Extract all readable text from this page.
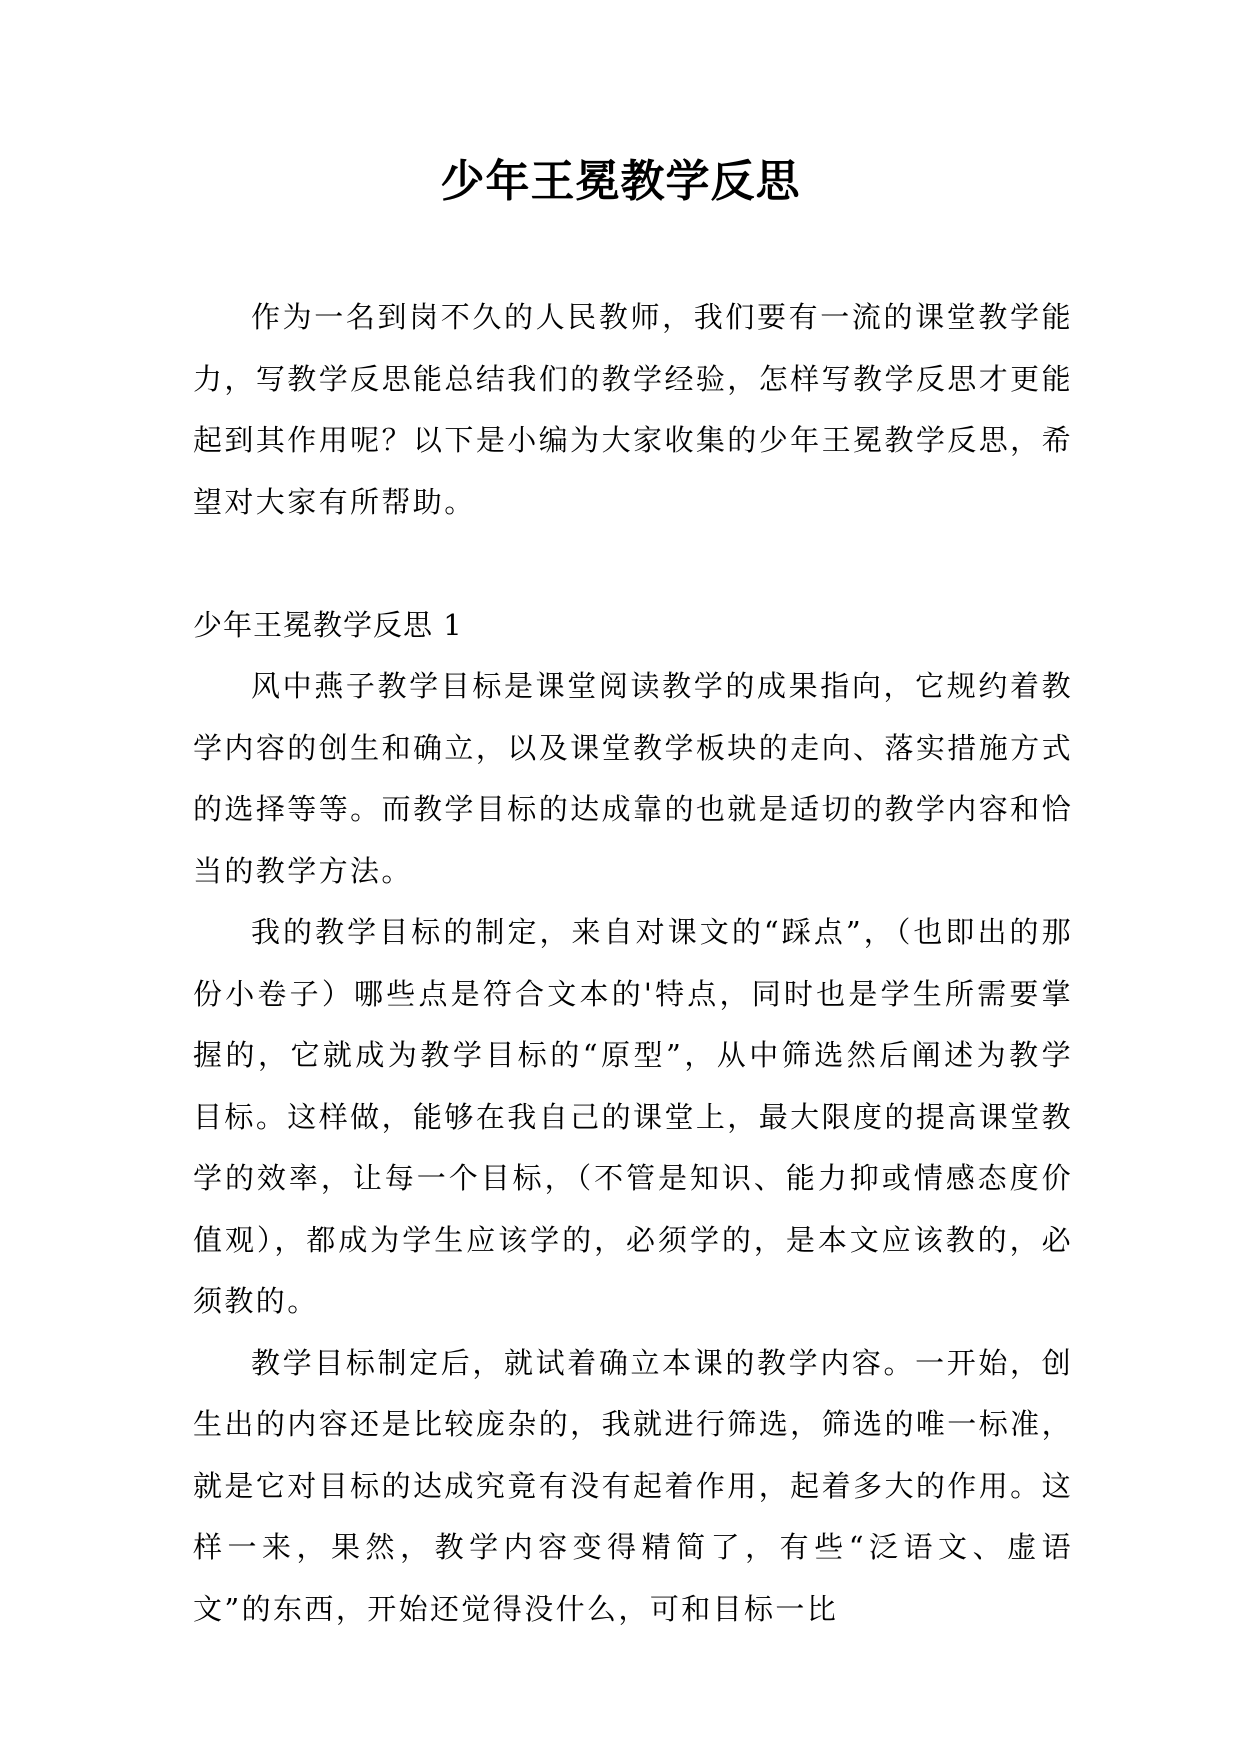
少年王冕教学反思

作为一名到岗不久的人民教师，我们要有一流的课堂教学能力，写教学反思能总结我们的教学经验，怎样写教学反思才更能起到其作用呢？以下是小编为大家收集的少年王冕教学反思，希望对大家有所帮助。

少年王冕教学反思 1

风中燕子教学目标是课堂阅读教学的成果指向，它规约着教学内容的创生和确立，以及课堂教学板块的走向、落实措施方式的选择等等。而教学目标的达成靠的也就是适切的教学内容和恰当的教学方法。

我的教学目标的制定，来自对课文的“踩点”，（也即出的那份小卷子）哪些点是符合文本的'特点，同时也是学生所需要掌握的，它就成为教学目标的“原型”，从中筛选然后阐述为教学目标。这样做，能够在我自己的课堂上，最大限度的提高课堂教学的效率，让每一个目标，（不管是知识、能力抑或情感态度价值观），都成为学生应该学的，必须学的，是本文应该教的，必须教的。

教学目标制定后，就试着确立本课的教学内容。一开始，创生出的内容还是比较庞杂的，我就进行筛选，筛选的唯一标准，就是它对目标的达成究竟有没有起着作用，起着多大的作用。这样一来，果然，教学内容变得精简了，有些“泛语文、虚语文”的东西，开始还觉得没什么，可和目标一比
